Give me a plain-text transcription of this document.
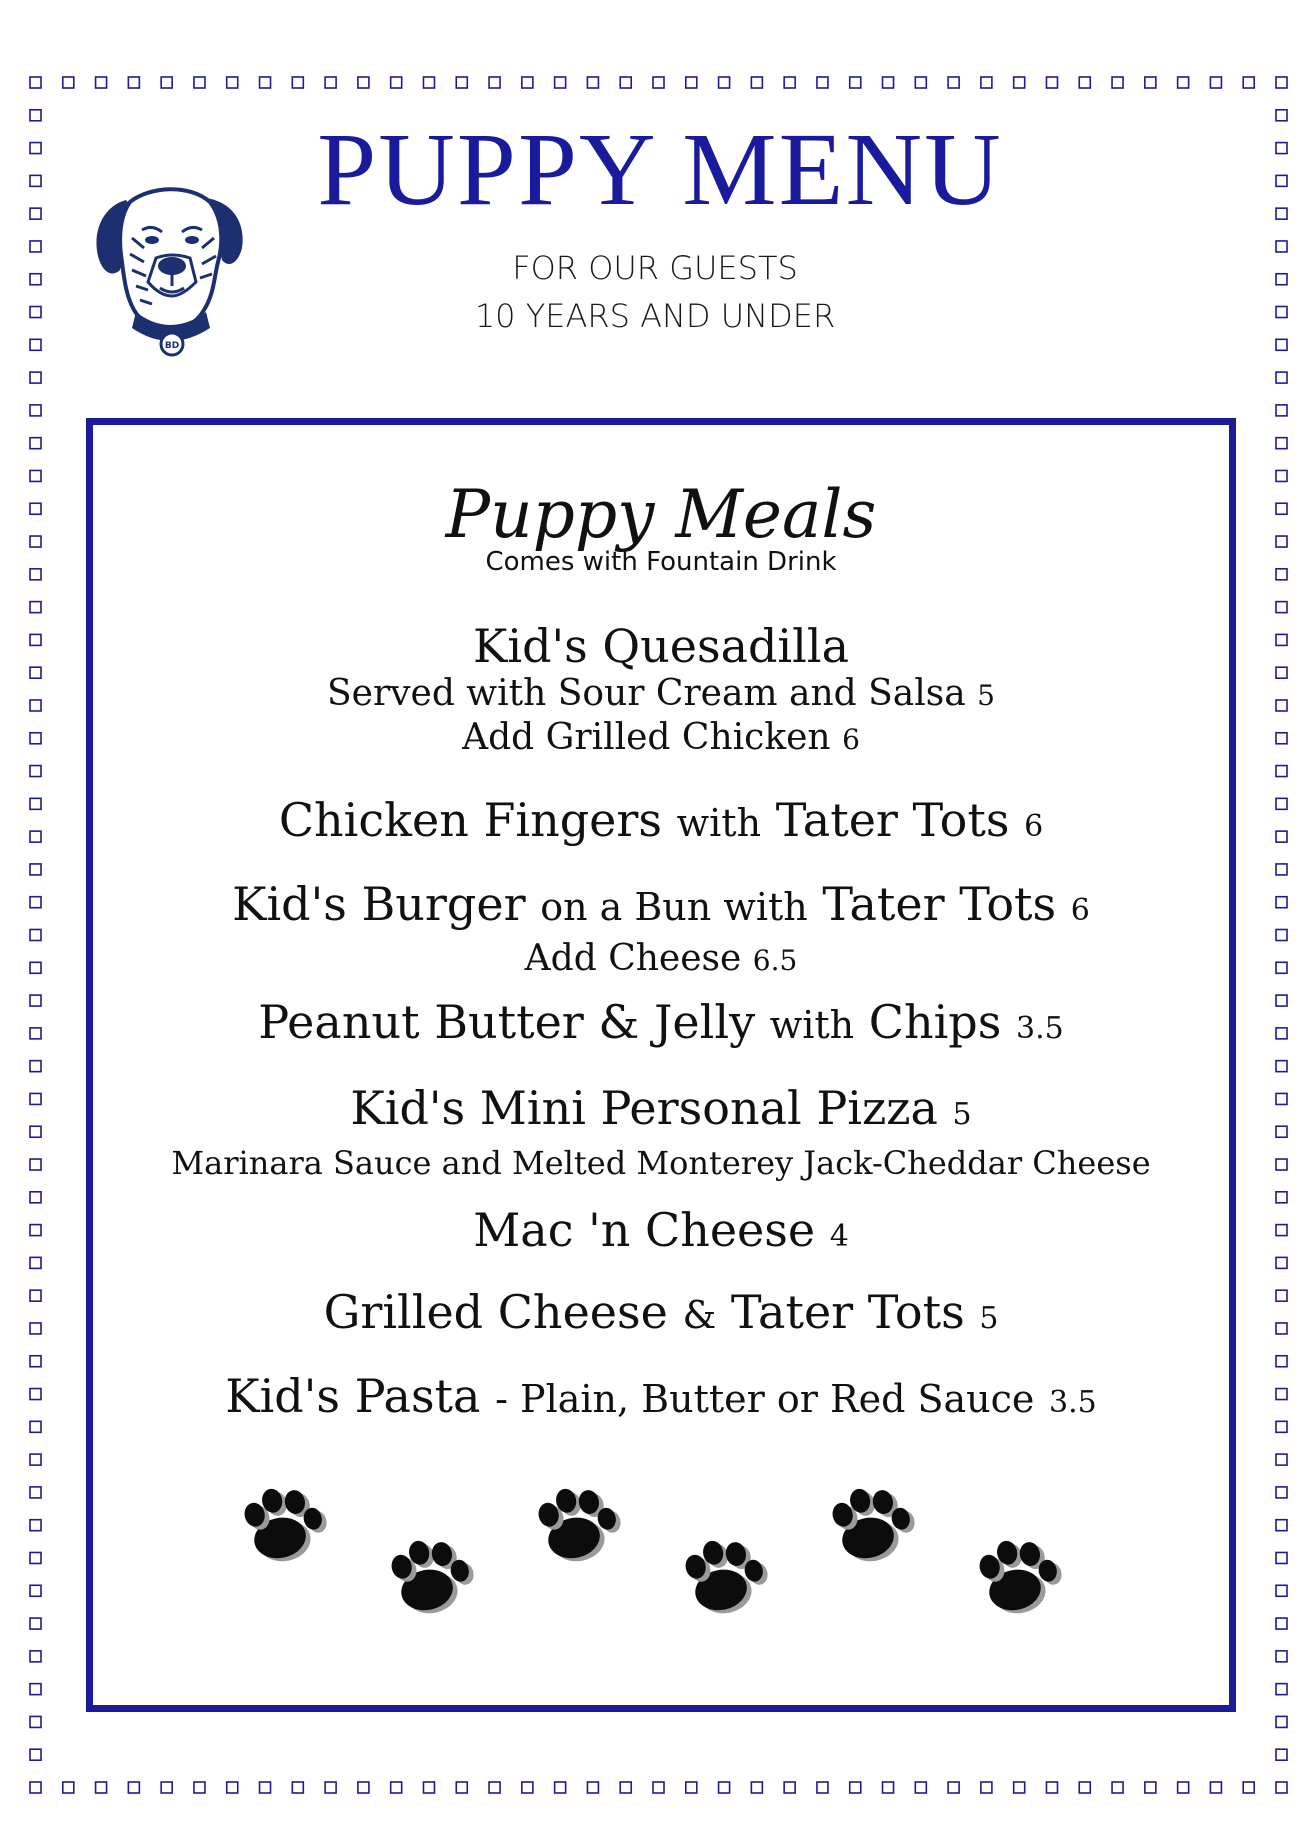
PUPPY MENU
FOR OUR GUESTS
10 YEARS AND UNDER
BD
Puppy Meals
Comes with Fountain Drink
Kid's Quesadilla
Served with Sour Cream and Salsa 5
Add Grilled Chicken 6
Chicken Fingers with Tater Tots 6
Kid's Burger on a Bun with Tater Tots 6
Add Cheese 6.5
Peanut Butter & Jelly with Chips 3.5
Kid's Mini Personal Pizza 5
Marinara Sauce and Melted Monterey Jack-Cheddar Cheese
Mac 'n Cheese 4
Grilled Cheese & Tater Tots 5
Kid's Pasta - Plain, Butter or Red Sauce 3.5
